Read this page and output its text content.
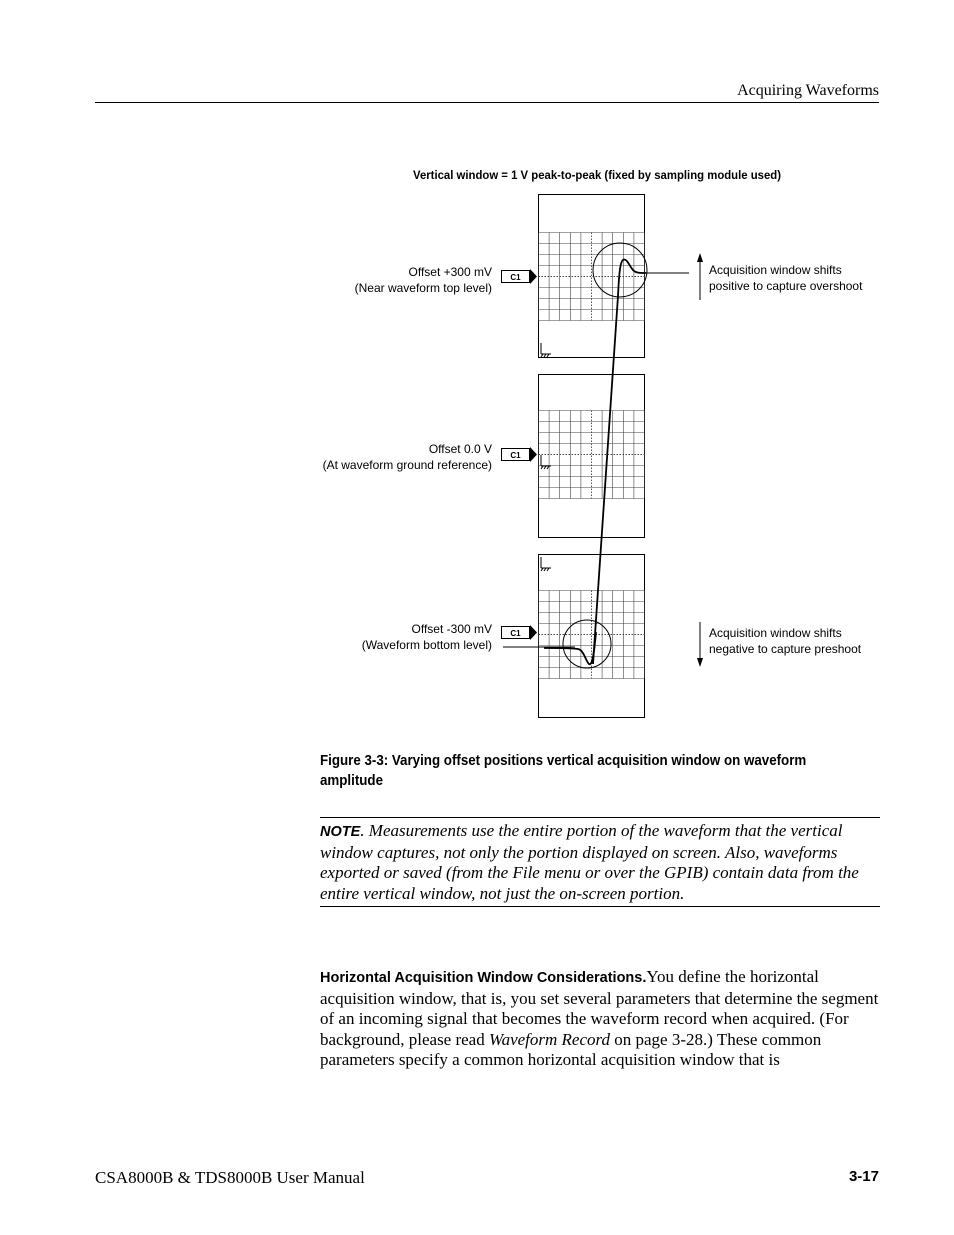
Acquiring Waveforms
Vertical window = 1 V peak-to-peak (fixed by sampling module used)
C1
C1
C1
Offset +300 mV
(Near waveform top level)
Offset 0.0 V
(At waveform ground reference)
Offset -300 mV
(Waveform bottom level)
Acquisition window shifts
positive to capture overshoot
Acquisition window shifts
negative to capture preshoot
Figure 3-3: Varying offset positions vertical acquisition window on waveform amplitude
NOTE. Measurements use the entire portion of the waveform that the vertical window captures, not only the portion displayed on screen. Also, waveforms exported or saved (from the File menu or over the GPIB) contain data from the entire vertical window, not just the on-screen portion.
Horizontal Acquisition Window Considerations.You define the horizontal acquisition window, that is, you set several parameters that determine the segment of an incoming signal that becomes the waveform record when acquired. (For background, please read Waveform Record on page 3-28.) These common parameters specify a common horizontal acquisition window that is
CSA8000B & TDS8000B User Manual	3-17
